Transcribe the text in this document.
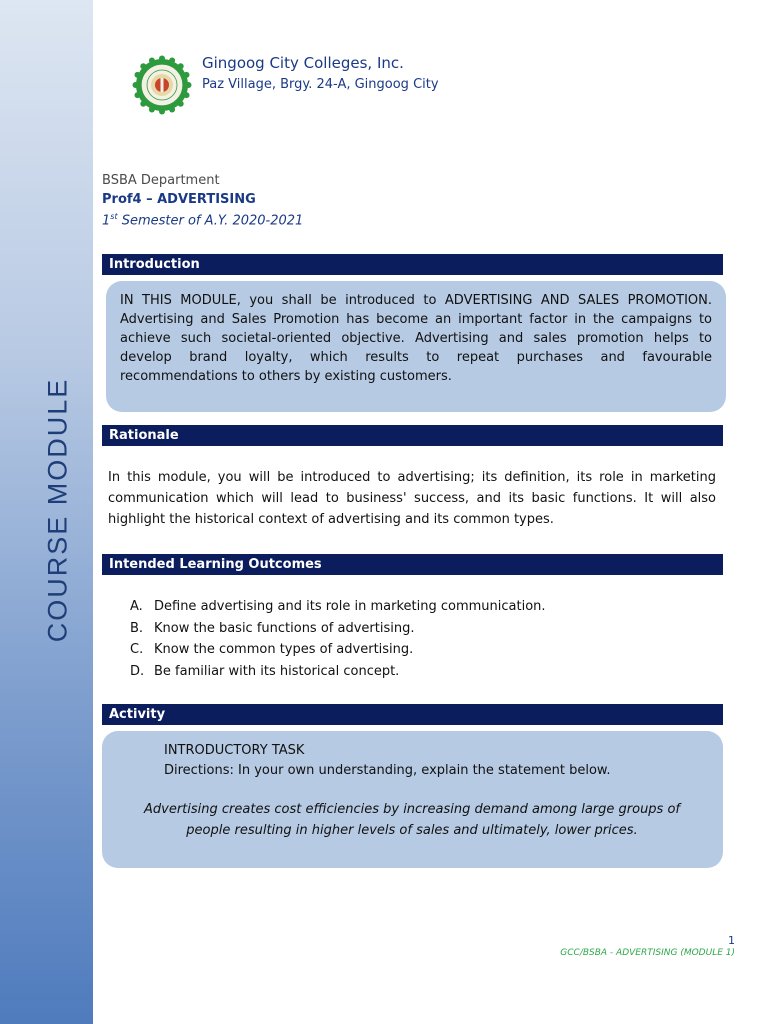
COURSE MODULE
Gingoog City Colleges, Inc.
Paz Village, Brgy. 24-A, Gingoog City
BSBA Department
Prof4 – ADVERTISING
1st Semester of A.Y. 2020-2021
Introduction
IN THIS MODULE, you shall be introduced to ADVERTISING AND SALES PROMOTION. Advertising and Sales Promotion has become an important factor in the campaigns to achieve such societal-oriented objective. Advertising and sales promotion helps to develop brand loyalty, which results to repeat purchases and favourable recommendations to others by existing customers.
Rationale
In this module, you will be introduced to advertising; its definition, its role in marketing communication which will lead to business' success, and its basic functions. It will also highlight the historical context of advertising and its common types.
Intended Learning Outcomes
A. Define advertising and its role in marketing communication.
B. Know the basic functions of advertising.
C. Know the common types of advertising.
D. Be familiar with its historical concept.
Activity
INTRODUCTORY TASK
Directions: In your own understanding, explain the statement below.
Advertising creates cost efficiencies by increasing demand among large groups of people resulting in higher levels of sales and ultimately, lower prices.
1
GCC/BSBA - ADVERTISING (MODULE 1)
